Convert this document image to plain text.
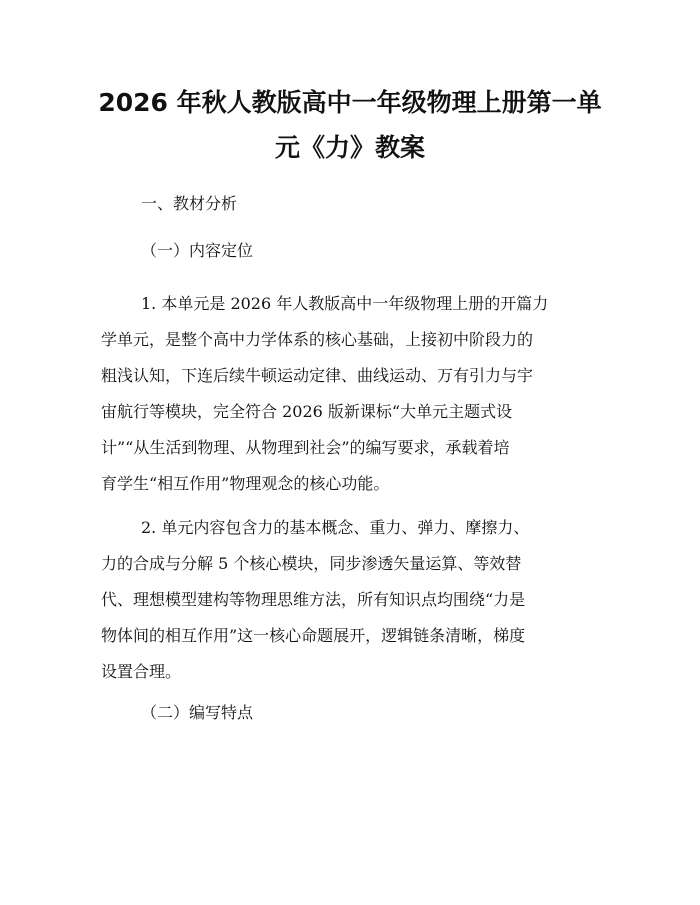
2026 年秋人教版高中一年级物理上册第一单
元《力》教案
一、教材分析
（一）内容定位
1. 本单元是 2026 年人教版高中一年级物理上册的开篇力
学单元，是整个高中力学体系的核心基础，上接初中阶段力的
粗浅认知，下连后续牛顿运动定律、曲线运动、万有引力与宇
宙航行等模块，完全符合 2026 版新课标“大单元主题式设
计”“从生活到物理、从物理到社会”的编写要求，承载着培
育学生“相互作用”物理观念的核心功能。
2. 单元内容包含力的基本概念、重力、弹力、摩擦力、
力的合成与分解 5 个核心模块，同步渗透矢量运算、等效替
代、理想模型建构等物理思维方法，所有知识点均围绕“力是
物体间的相互作用”这一核心命题展开，逻辑链条清晰，梯度
设置合理。
（二）编写特点
